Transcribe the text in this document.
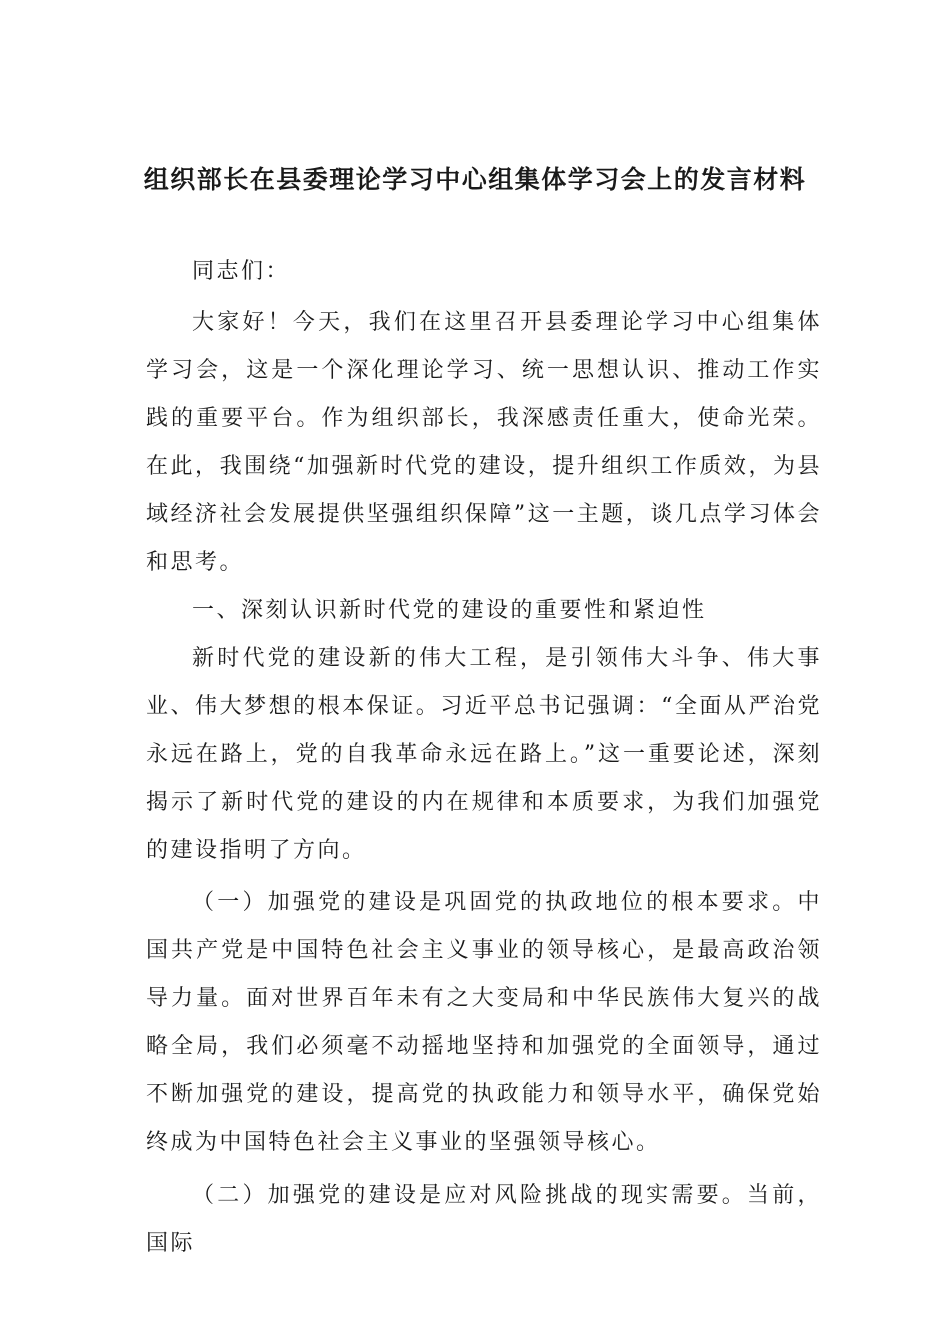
组织部长在县委理论学习中心组集体学习会上的发言材料

同志们：

大家好！今天，我们在这里召开县委理论学习中心组集体学习会，这是一个深化理论学习、统一思想认识、推动工作实践的重要平台。作为组织部长，我深感责任重大，使命光荣。在此，我围绕“加强新时代党的建设，提升组织工作质效，为县域经济社会发展提供坚强组织保障”这一主题，谈几点学习体会和思考。

一、深刻认识新时代党的建设的重要性和紧迫性

新时代党的建设新的伟大工程，是引领伟大斗争、伟大事业、伟大梦想的根本保证。习近平总书记强调：“全面从严治党永远在路上，党的自我革命永远在路上。”这一重要论述，深刻揭示了新时代党的建设的内在规律和本质要求，为我们加强党的建设指明了方向。

（一）加强党的建设是巩固党的执政地位的根本要求。中国共产党是中国特色社会主义事业的领导核心，是最高政治领导力量。面对世界百年未有之大变局和中华民族伟大复兴的战略全局，我们必须毫不动摇地坚持和加强党的全面领导，通过不断加强党的建设，提高党的执政能力和领导水平，确保党始终成为中国特色社会主义事业的坚强领导核心。

（二）加强党的建设是应对风险挑战的现实需要。当前，国际
